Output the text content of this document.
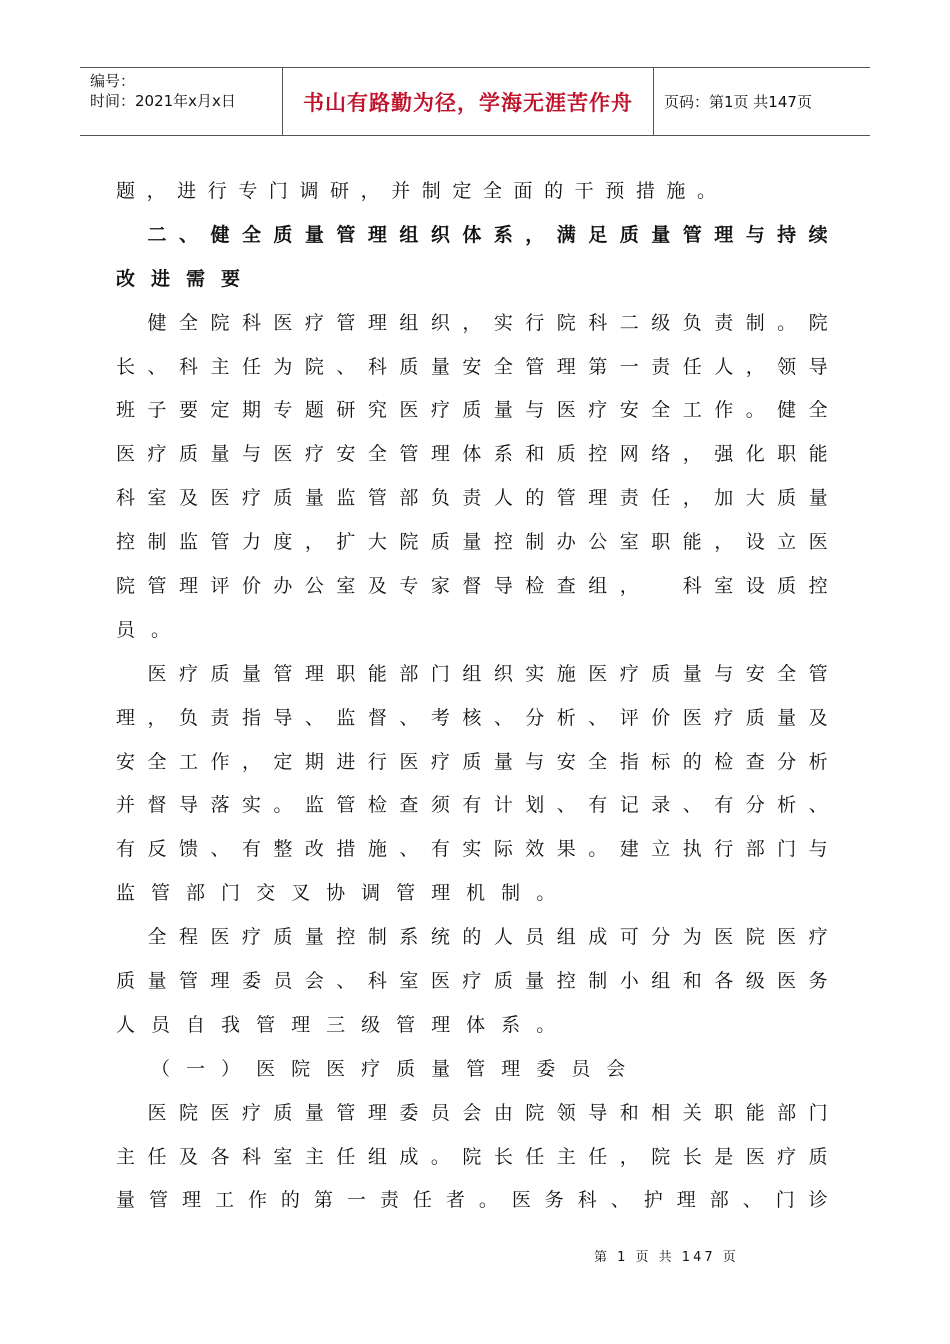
编号：
时间：2021年x月x日	书山有路勤为径，学海无涯苦作舟 页码：第1页 共147页
题 ， 进 行 专 门 调 研 ， 并 制 定 全 面 的 干 预 措 施 。

二 、 健 全 质 量 管 理 组 织 体 系 ， 满 足 质 量 管 理 与 持 续
改 进 需 要

健 全 院 科 医 疗 管 理 组 织 ， 实 行 院 科 二 级 负 责 制 。 院
长 、 科 主 任 为 院 、 科 质 量 安 全 管 理 第 一 责 任 人 ， 领 导
班 子 要 定 期 专 题 研 究 医 疗 质 量 与 医 疗 安 全 工 作 。 健 全
医 疗 质 量 与 医 疗 安 全 管 理 体 系 和 质 控 网 络 ， 强 化 职 能
科 室 及 医 疗 质 量 监 管 部 负 责 人 的 管 理 责 任 ， 加 大 质 量
控 制 监 管 力 度 ， 扩 大 院 质 量 控 制 办 公 室 职 能 ， 设 立 医
院 管 理 评 价 办 公 室 及 专 家 督 导 检 查 组 ，
　 科 室 设 质 控
员 。

医 疗 质 量 管 理 职 能 部 门 组 织 实 施 医 疗 质 量 与 安 全 管
理 ， 负 责 指 导 、 监 督 、 考 核 、 分 析 、 评 价 医 疗 质 量 及
安 全 工 作 ， 定 期 进 行 医 疗 质 量 与 安 全 指 标 的 检 查 分 析
并 督 导 落 实 。 监 管 检 查 须 有 计 划 、 有 记 录 、 有 分 析 、
有 反 馈 、 有 整 改 措 施 、 有 实 际 效 果 。 建 立 执 行 部 门 与
监 管 部 门 交 叉 协 调 管 理 机 制 。

全 程 医 疗 质 量 控 制 系 统 的 人 员 组 成 可 分 为 医 院 医 疗
质 量 管 理 委 员 会 、 科 室 医 疗 质 量 控 制 小 组 和 各 级 医 务
人 员 自 我 管 理 三 级 管 理 体 系 。

（ 一 ） 医 院 医 疗 质 量 管 理 委 员 会

医 院 医 疗 质 量 管 理 委 员 会 由 院 领 导 和 相 关 职 能 部 门
主 任 及 各 科 室 主 任 组 成 。 院 长 任 主 任 ， 院 长 是 医 疗 质
量 管 理 工 作 的 第 一 责 任 者 。 医 务 科 、 护 理 部 、 门 诊
第 1 页 共 147 页
